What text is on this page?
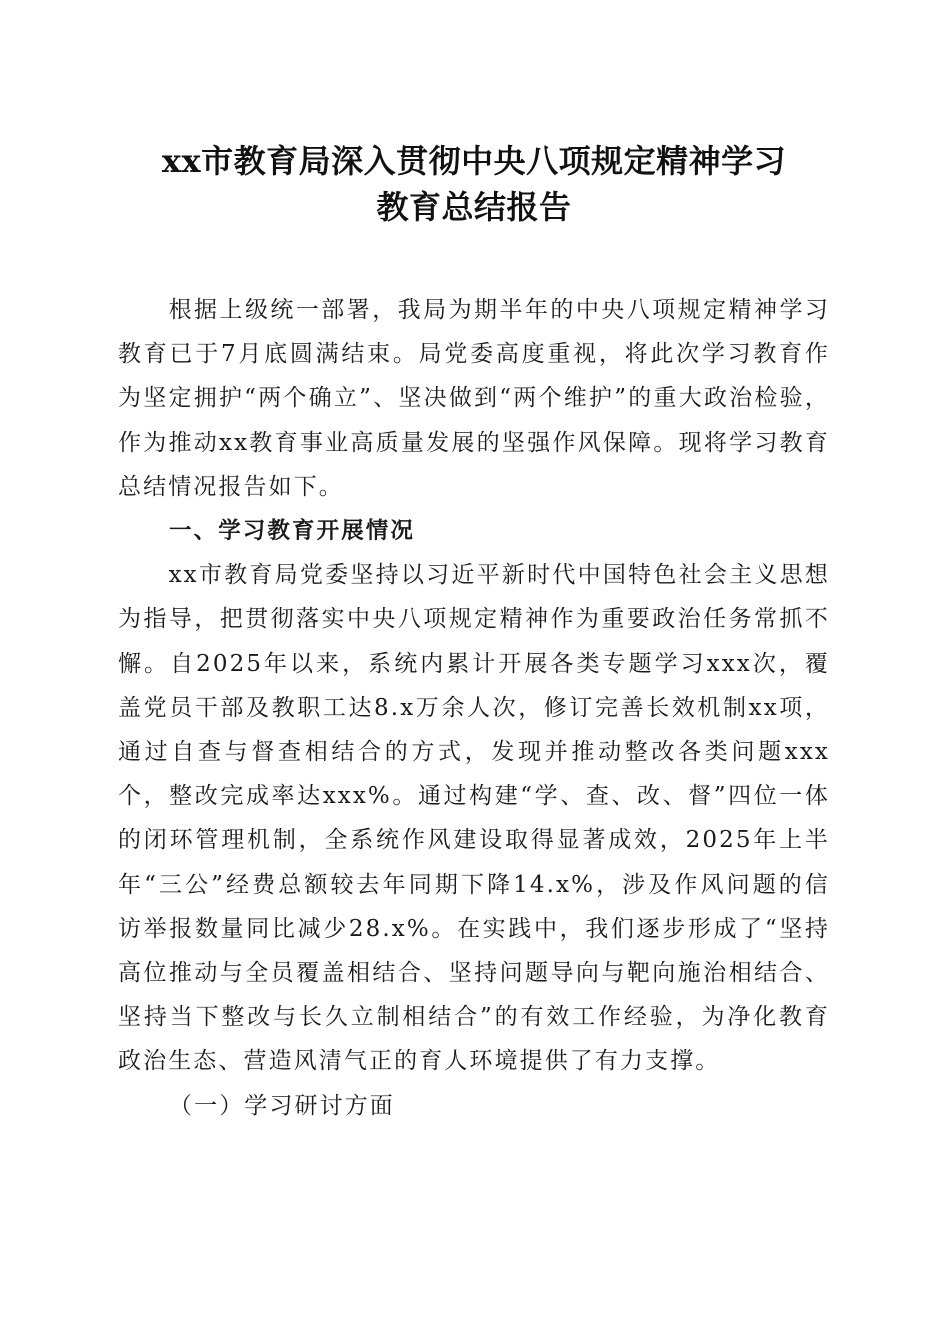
xx市教育局深入贯彻中央八项规定精神学习
教育总结报告

根据上级统一部署，我局为期半年的中央八项规定精神学习教育已于7月底圆满结束。局党委高度重视，将此次学习教育作为坚定拥护“两个确立”、坚决做到“两个维护”的重大政治检验，作为推动xx教育事业高质量发展的坚强作风保障。现将学习教育总结情况报告如下。

一、学习教育开展情况

xx市教育局党委坚持以习近平新时代中国特色社会主义思想为指导，把贯彻落实中央八项规定精神作为重要政治任务常抓不懈。自2025年以来，系统内累计开展各类专题学习xxx次，覆盖党员干部及教职工达8.x万余人次，修订完善长效机制xx项，通过自查与督查相结合的方式，发现并推动整改各类问题xxx个，整改完成率达xxx%。通过构建“学、查、改、督”四位一体的闭环管理机制，全系统作风建设取得显著成效，2025年上半年“三公”经费总额较去年同期下降14.x%，涉及作风问题的信访举报数量同比减少28.x%。在实践中，我们逐步形成了“坚持高位推动与全员覆盖相结合、坚持问题导向与靶向施治相结合、坚持当下整改与长久立制相结合”的有效工作经验，为净化教育政治生态、营造风清气正的育人环境提供了有力支撑。

（一）学习研讨方面
